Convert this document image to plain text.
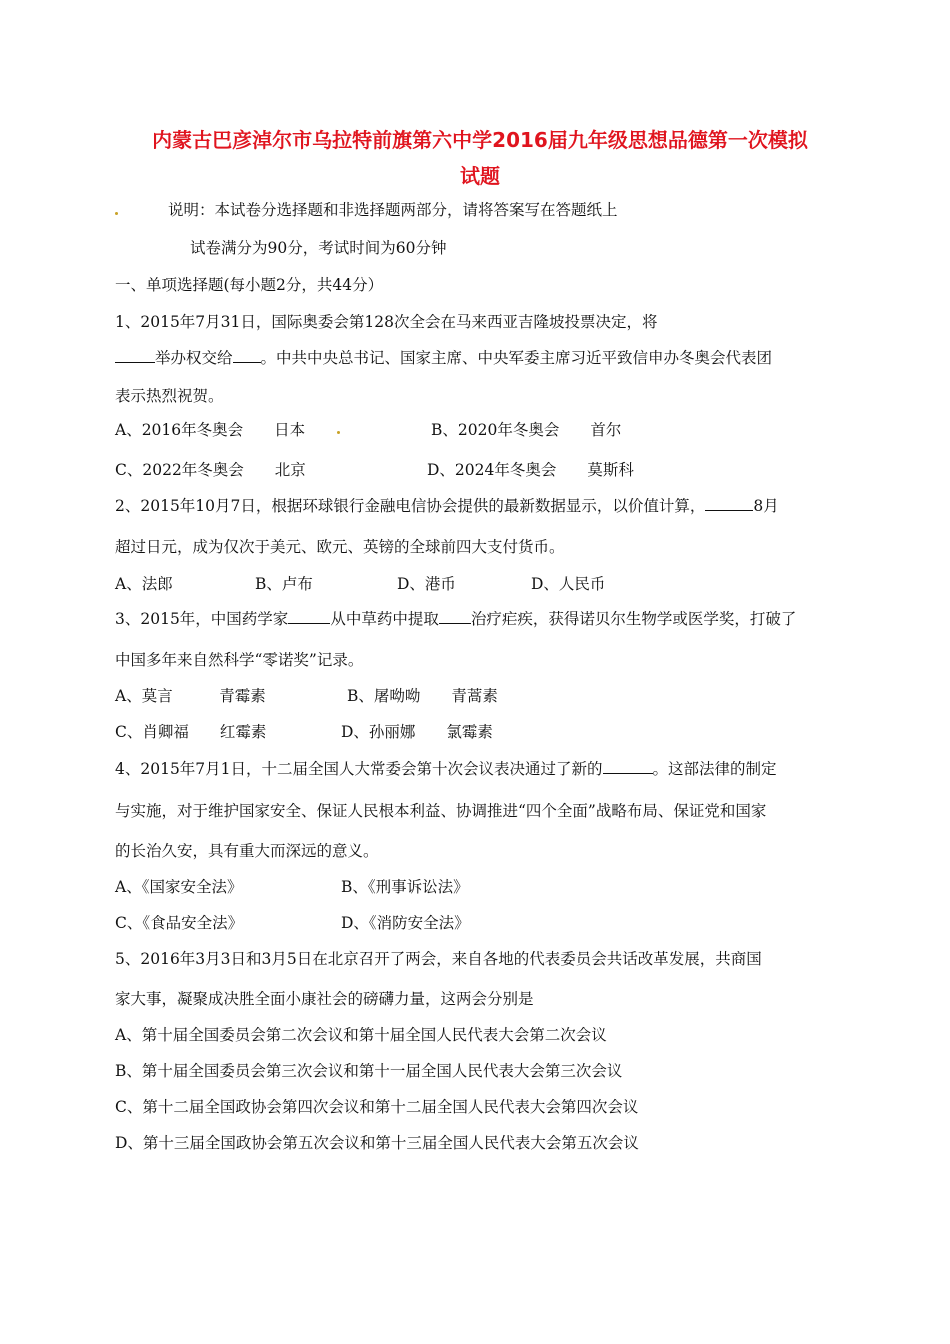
内蒙古巴彦淖尔市乌拉特前旗第六中学2016届九年级思想品德第一次模拟
试题
说明：本试卷分选择题和非选择题两部分，请将答案写在答题纸上
试卷满分为90分，考试时间为60分钟
一、单项选择题(每小题2分，共44分）
1、2015年7月31日，国际奥委会第128次全会在马来西亚吉隆坡投票决定，将
举办权交给 。中共中央总书记、国家主席、中央军委主席习近平致信申办冬奥会代表团
表示热烈祝贺。
A、2016年冬奥会　　日本	B、2020年冬奥会　　首尔
C、2022年冬奥会　　北京	D、2024年冬奥会　　莫斯科
2、2015年10月7日，根据环球银行金融电信协会提供的最新数据显示，以价值计算，	8月
超过日元，成为仅次于美元、欧元、英镑的全球前四大支付货币。
A、法郎	B、卢布	D、港币	D、人民币
3、2015年，中国药学家	从中草药中提取 治疗疟疾，获得诺贝尔生物学或医学奖，打破了
中国多年来自然科学“零诺奖”记录。
A、莫言　　　青霉素	B、屠呦呦　　青蒿素
C、肖卿福　　红霉素	D、孙丽娜　　氯霉素
4、2015年7月1日，十二届全国人大常委会第十次会议表决通过了新的	。这部法律的制定
与实施，对于维护国家安全、保证人民根本利益、协调推进“四个全面”战略布局、保证党和国家
的长治久安，具有重大而深远的意义。
A、《国家安全法》	B、《刑事诉讼法》
C、《食品安全法》	D、《消防安全法》
5、2016年3月3日和3月5日在北京召开了两会，来自各地的代表委员会共话改革发展，共商国
家大事，凝聚成决胜全面小康社会的磅礴力量，这两会分别是
A、第十届全国委员会第二次会议和第十届全国人民代表大会第二次会议
B、第十届全国委员会第三次会议和第十一届全国人民代表大会第三次会议
C、第十二届全国政协会第四次会议和第十二届全国人民代表大会第四次会议
D、第十三届全国政协会第五次会议和第十三届全国人民代表大会第五次会议
